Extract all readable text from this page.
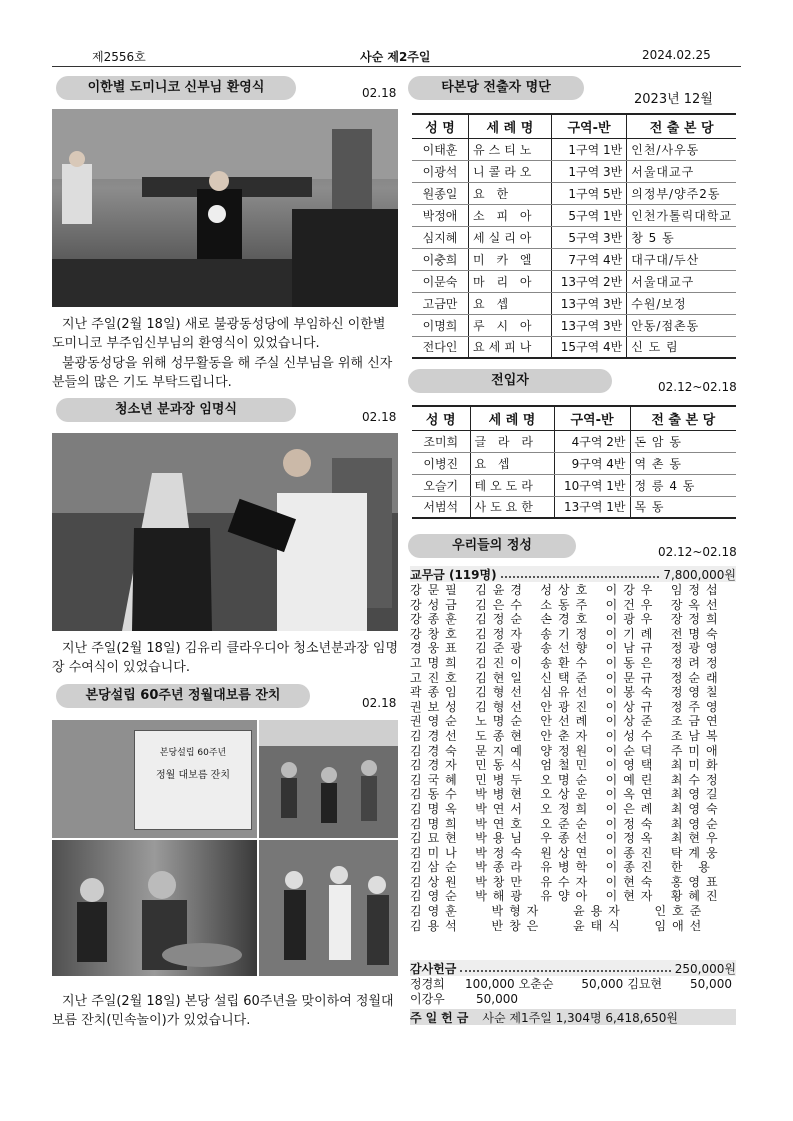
제2556호	사순 제2주일	2024.02.25
이한별 도미니코 신부님 환영식	02.18
지난 주일(2월 18일) 새로 불광동성당에 부임하신 이한별 도미니코 부주임신부님의 환영식이 있었습니다.
불광동성당을 위해 성무활동을 해 주실 신부님을 위해 신자분들의 많은 기도 부탁드립니다.
청소년 분과장 임명식	02.18
지난 주일(2월 18일) 김유리 클라우디아 청소년분과장 임명장 수여식이 있었습니다.
본당설립 60주년 정월대보름 잔치	02.18
본당설립 60주년
정월 대보름 잔치
지난 주일(2월 18일) 본당 설립 60주년을 맞이하여 정월대보름 잔치(민속놀이)가 있었습니다.
타본당 전출자 명단
2023년 12월
성 명	세 례 명	구역-반	전 출 본 당
이태훈	유스티노	1구역 1반	인천/사우동
이광석	니콜라오	1구역 3반	서울대교구
원종일	요 한	1구역 5반	의정부/양주2동
박정애	소 피 아	5구역 1반	인천가톨릭대학교
심지혜	세실리아	5구역 3반	창 5 동
이충희	미 카 엘	7구역 4반	대구대/두산
이문숙	마 리 아	13구역 2반	서울대교구
고금만	요 셉	13구역 3반	수원/보정
이명희	루 시 아	13구역 3반	안동/점촌동
전다인	요세피나	15구역 4반	신 도 림
전입자	02.12~02.18
성 명	세 례 명	구역-반	전 출 본 당
조미희	글 라 라	4구역 2반	돈 암 동
이병진	요 셉	9구역 4반	역 촌 동
오슬기	테오도라	10구역 1반	정 릉 4 동
서범석	사도요한	13구역 1반	목 동
우리들의 정성	02.12~02.18
교무금 (119명)	7,800,000원
강문필	김윤경	성상호	이강우	임정섭
강성금	김은수	소동주	이건우	장옥선
강종훈	김정순	손경호	이광우	장정희
강창호	김정자	송기정	이기례	전명숙
경웅표	김준광	송선향	이남규	정광영
고명희	김진이	송환수	이동은	정려정
고진호	김현일	신택준	이문규	정순래
곽종임	김형선	심유선	이봉숙	정영칠
권보성	김형선	안광진	이상규	정주영
권영순	노명순	안선례	이상준	조금연
김경선	도종현	안춘자	이성수	조남복
김경숙	문지예	양정원	이순덕	주미애
김경자	민동식	엄철민	이영택	최미화
김국혜	민병두	오명순	이예린	최수정
김동수	박병현	오상운	이옥연	최영길
김명옥	박연서	오정희	이은례	최영숙
김명희	박연호	오준순	이정숙	최영순
김묘현	박용님	우종선	이정옥	최현우
김미나	박정숙	원상연	이종진	탁계웅
김삼순	박종라	유병학	이종진	한 용
김상원	박창만	유수자	이현숙	홍영표
김영순	박해광	유양아	이현자	황혜진
김영훈	박형자	윤용자	인호준
김용석	반창은	윤태식	임애선
감사헌금	250,000원
정경희	100,000 오춘순	50,000 김묘현	50,000
이강우	50,000
주일헌금 사순 제1주일 1,304명 6,418,650원
